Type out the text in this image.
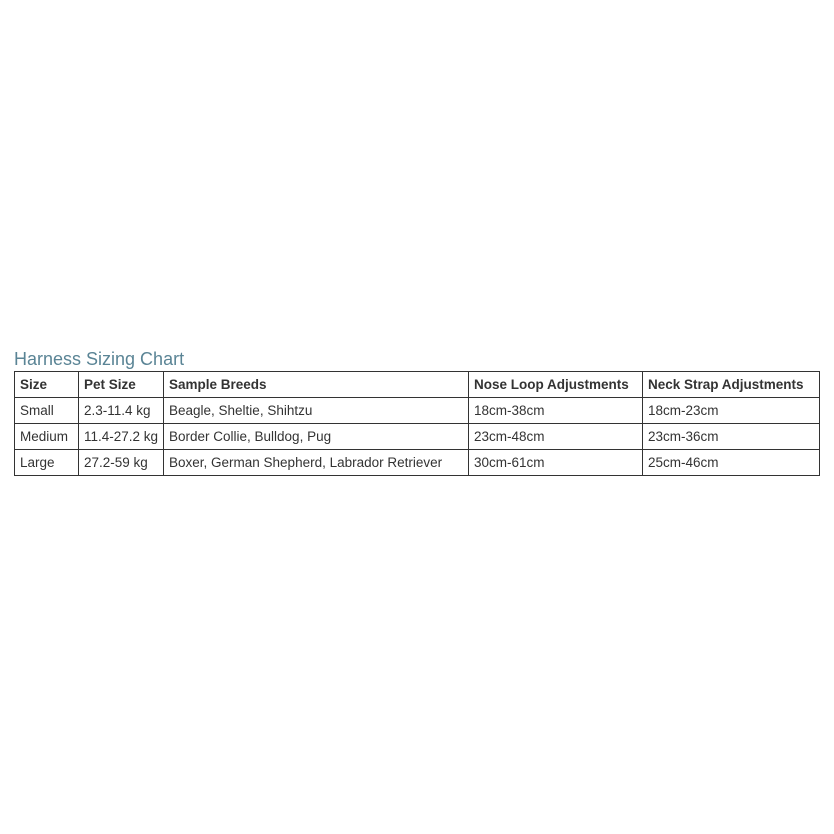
Harness Sizing Chart
Size	Pet Size	Sample Breeds	Nose Loop Adjustments	Neck Strap Adjustments
Small	2.3-11.4 kg	Beagle, Sheltie, Shihtzu	18cm-38cm	18cm-23cm
Medium	11.4-27.2 kg	Border Collie, Bulldog, Pug	23cm-48cm	23cm-36cm
Large	27.2-59 kg	Boxer, German Shepherd, Labrador Retriever	30cm-61cm	25cm-46cm
